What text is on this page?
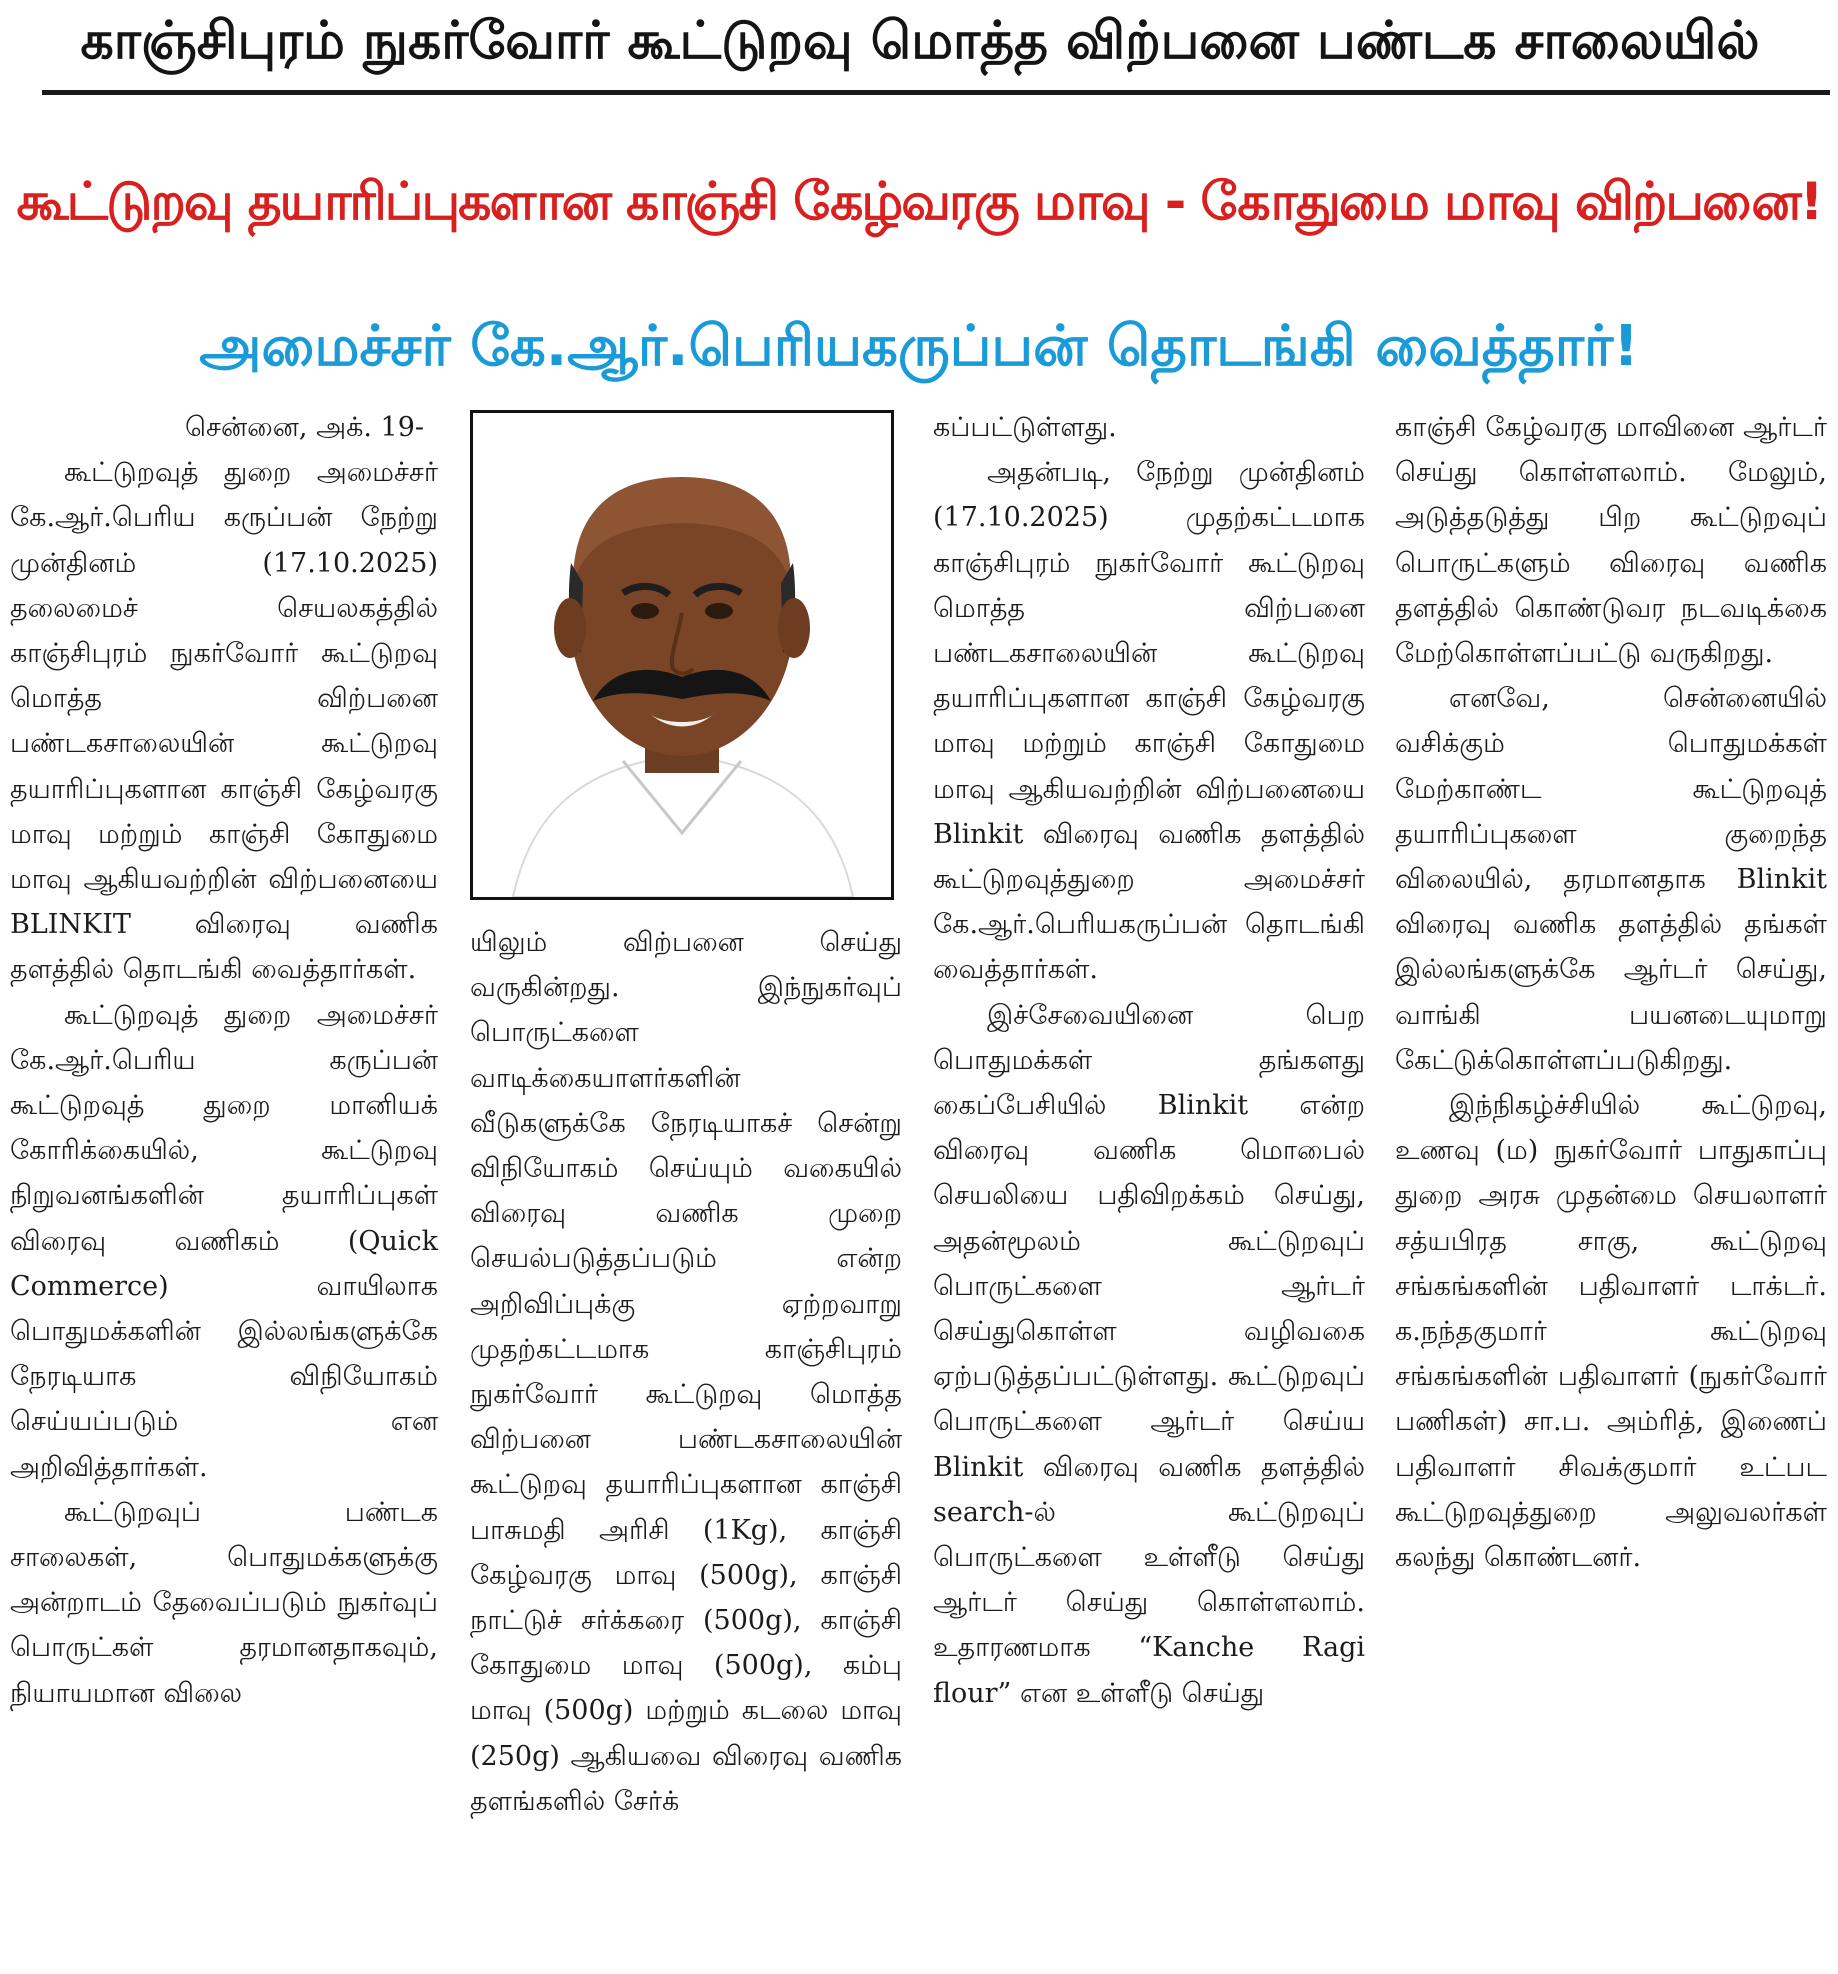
காஞ்சிபுரம் நுகர்வோர் கூட்டுறவு மொத்த விற்பனை பண்டக சாலையில்
கூட்டுறவு தயாரிப்புகளான காஞ்சி கேழ்வரகு மாவு - கோதுமை மாவு விற்பனை!
அமைச்சர் கே.ஆர்.பெரியகருப்பன் தொடங்கி வைத்தார்!

சென்னை, அக். 19-

கூட்டுறவுத் துறை அமைச்சர் கே.ஆர்.பெரிய கருப்பன் நேற்று முன்தினம் (17.10.2025) தலைமைச் செயலகத்தில் காஞ்சிபுரம் நுகர்வோர் கூட்டுறவு மொத்த விற்பனை பண்டகசாலையின் கூட்டுறவு தயாரிப்புகளான காஞ்சி கேழ்வரகு மாவு மற்றும் காஞ்சி கோதுமை மாவு ஆகியவற்றின் விற்பனையை BLINKIT விரைவு வணிக தளத்தில் தொடங்கி வைத்தார்கள்.

கூட்டுறவுத் துறை அமைச்சர் கே.ஆர்.பெரிய கருப்பன் கூட்டுறவுத் துறை மானியக் கோரிக்கையில், கூட்டுறவு நிறுவனங்களின் தயாரிப்புகள் விரைவு வணிகம் (Quick Commerce) வாயிலாக பொதுமக்களின் இல்லங்களுக்கே நேரடியாக விநியோகம் செய்யப்படும் என அறிவித்தார்கள்.

கூட்டுறவுப் பண்டக சாலைகள், பொதுமக்களுக்கு அன்றாடம் தேவைப்படும் நுகர்வுப் பொருட்கள் தரமானதாகவும், நியாயமான விலை

யிலும் விற்பனை செய்து வருகின்றது. இந்நுகர்வுப் பொருட்களை வாடிக்கையாளர்களின் வீடுகளுக்கே நேரடியாகச் சென்று விநியோகம் செய்யும் வகையில் விரைவு வணிக முறை செயல்படுத்தப்படும் என்ற அறிவிப்புக்கு ஏற்றவாறு முதற்கட்டமாக காஞ்சிபுரம் நுகர்வோர் கூட்டுறவு மொத்த விற்பனை பண்டகசாலையின் கூட்டுறவு தயாரிப்புகளான காஞ்சி பாசுமதி அரிசி (1Kg), காஞ்சி கேழ்வரகு மாவு (500g), காஞ்சி நாட்டுச் சர்க்கரை (500g), காஞ்சி கோதுமை மாவு (500g), கம்பு மாவு (500g) மற்றும் கடலை மாவு (250g) ஆகியவை விரைவு வணிக தளங்களில் சேர்க்

கப்பட்டுள்ளது.

அதன்படி, நேற்று முன்தினம் (17.10.2025) முதற்கட்டமாக காஞ்சிபுரம் நுகர்வோர் கூட்டுறவு மொத்த விற்பனை பண்டகசாலையின் கூட்டுறவு தயாரிப்புகளான காஞ்சி கேழ்வரகு மாவு மற்றும் காஞ்சி கோதுமை மாவு ஆகியவற்றின் விற்பனையை Blinkit விரைவு வணிக தளத்தில் கூட்டுறவுத்துறை அமைச்சர் கே.ஆர்.பெரியகருப்பன் தொடங்கி வைத்தார்கள்.

இச்சேவையினை பெற பொதுமக்கள் தங்களது கைப்பேசியில் Blinkit என்ற விரைவு வணிக மொபைல் செயலியை பதிவிறக்கம் செய்து, அதன்மூலம் கூட்டுறவுப் பொருட்களை ஆர்டர் செய்துகொள்ள வழிவகை ஏற்படுத்தப்பட்டுள்ளது. கூட்டுறவுப் பொருட்களை ஆர்டர் செய்ய Blinkit விரைவு வணிக தளத்தில் search-ல் கூட்டுறவுப் பொருட்களை உள்ளீடு செய்து ஆர்டர் செய்து கொள்ளலாம். உதாரணமாக “Kanche Ragi flour” என உள்ளீடு செய்து

காஞ்சி கேழ்வரகு மாவினை ஆர்டர் செய்து கொள்ளலாம். மேலும், அடுத்தடுத்து பிற கூட்டுறவுப் பொருட்களும் விரைவு வணிக தளத்தில் கொண்டுவர நடவடிக்கை மேற்கொள்ளப்பட்டு வருகிறது.

எனவே, சென்னையில் வசிக்கும் பொதுமக்கள் மேற்காண்ட கூட்டுறவுத் தயாரிப்புகளை குறைந்த விலையில், தரமானதாக Blinkit விரைவு வணிக தளத்தில் தங்கள் இல்லங்களுக்கே ஆர்டர் செய்து, வாங்கி பயனடையுமாறு கேட்டுக்கொள்ளப்படுகிறது.

இந்நிகழ்ச்சியில் கூட்டுறவு, உணவு (ம) நுகர்வோர் பாதுகாப்பு துறை அரசு முதன்மை செயலாளர் சத்யபிரத சாகு, கூட்டுறவு சங்கங்களின் பதிவாளர் டாக்டர். க.நந்தகுமார் கூட்டுறவு சங்கங்களின் பதிவாளர் (நுகர்வோர் பணிகள்) சா.ப. அம்ரித், இணைப் பதிவாளர் சிவக்குமார் உட்பட கூட்டுறவுத்துறை அலுவலர்கள் கலந்து கொண்டனர்.
